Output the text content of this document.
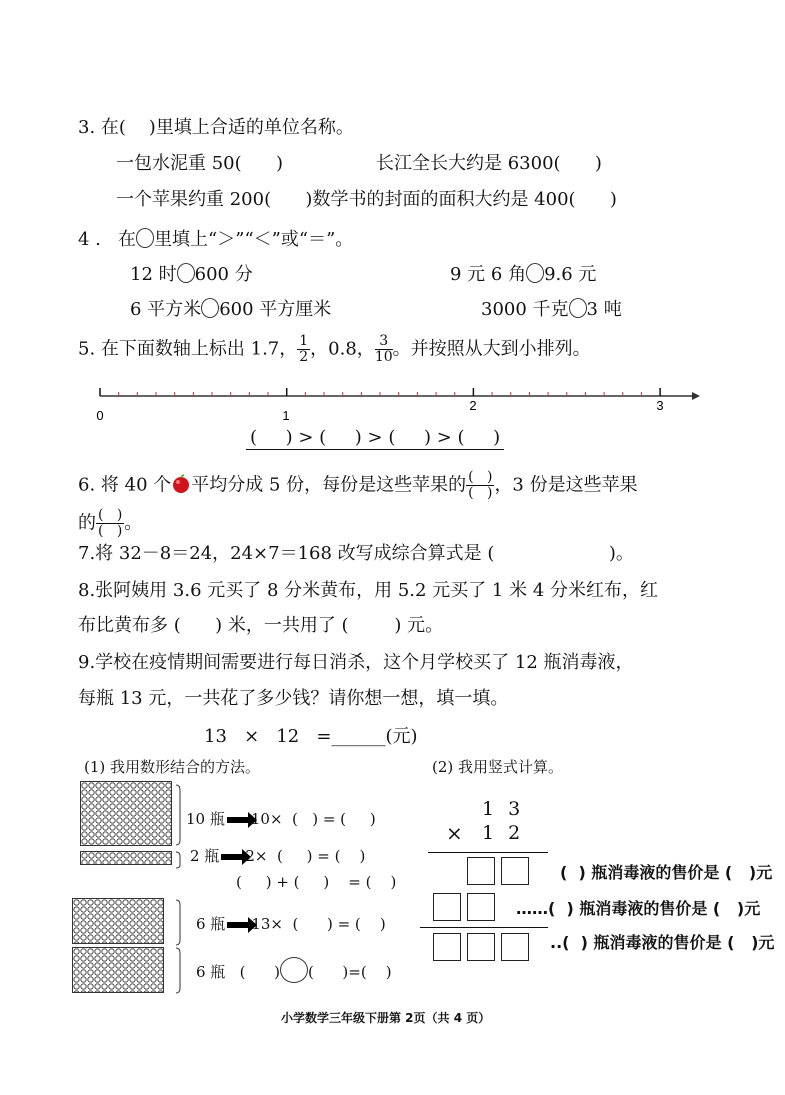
3. 在(    )里填上合适的单位名称。
一包水泥重 50(      )	长江全长大约是 6300(      )
一个苹果约重 200(      )数学书的封面的面积大约是 400(      )
4 .   在 里填上“＞”“＜”或“＝”。
12 时 600 分	9 元 6 角 9.6 元
6 平方米 600 平方厘米	3000 千克 3 吨
5. 在下面数轴上标出 1.7， $\frac{1}{2}$ ，0.8， $\frac{3}{10}$ 。并按照从大到小排列。
0	1
2	3
(     ) > (     ) > (     ) > (     )
6. 将 40 个 平均分成 5 份，每份是这些苹果的 $\frac{( )}{( )}$ ，3 份是这些苹果
的 $\frac{( )}{( )}$ 。
7.将 32－8＝24，24×7＝168 改写成综合算式是 (                    )。
8.张阿姨用 3.6 元买了 8 分米黄布，用 5.2 元买了 1 米 4 分米红布，红
布比黄布多 (      ) 米，一共用了 (        ) 元。
9.学校在疫情期间需要进行每日消杀，这个月学校买了 12 瓶消毒液，
每瓶 13 元，一共花了多少钱？请你想一想，填一填。
13   ×   12   =______(元)
(1) 我用数形结合的方法。	(2) 我用竖式计算。
10 瓶 10×  (   ) = (     )
2 瓶 2×  (     ) = (    )
(     ) + (     )    = (    )
6 瓶 13×  (      ) = (    )
6 瓶 (      ) (      )=(    )
1 3
× 1 2
(  ) 瓶消毒液的售价是 (   )元
……(  ) 瓶消毒液的售价是 (   )元
..(  ) 瓶消毒液的售价是 (   )元
小学数学三年级下册第 2页（共 4 页）
